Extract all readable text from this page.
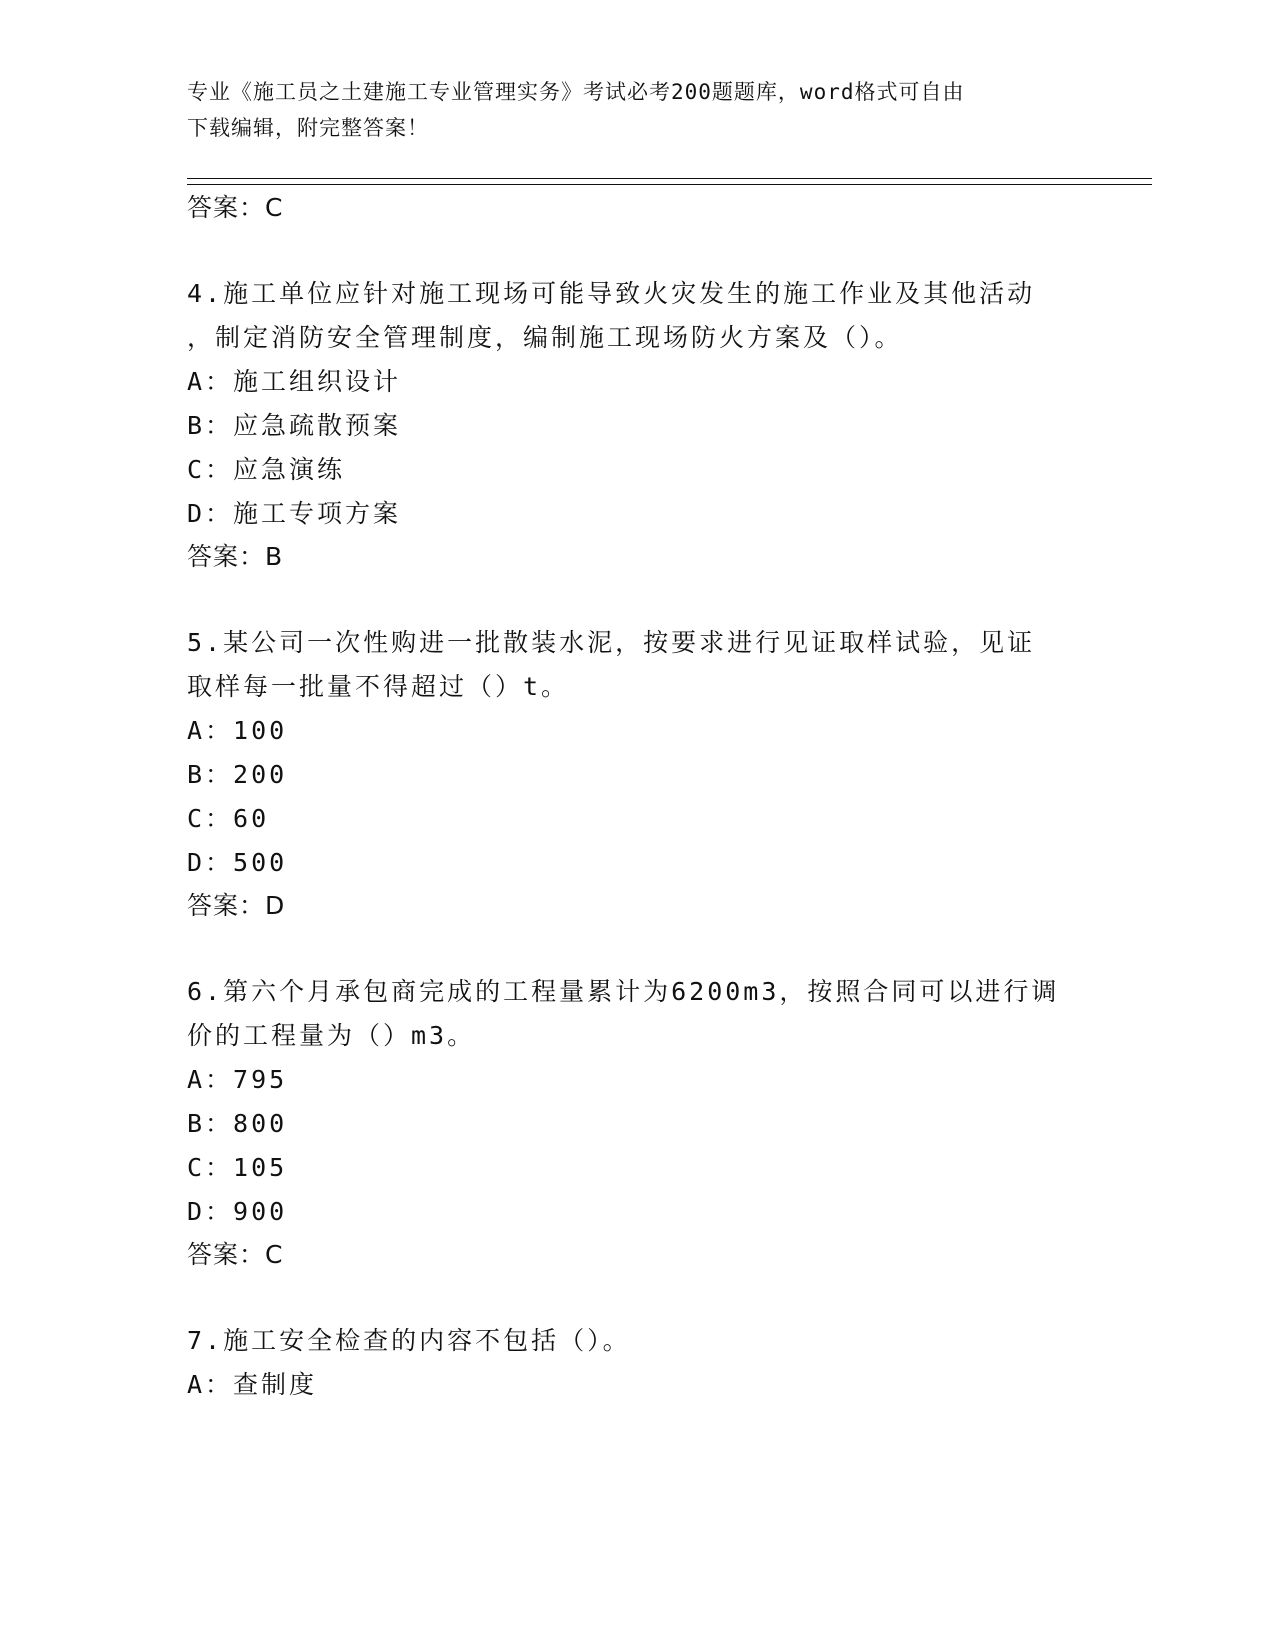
专业《施工员之土建施工专业管理实务》考试必考200题题库，word格式可自由
下载编辑，附完整答案！
答案：C
4.施工单位应针对施工现场可能导致火灾发生的施工作业及其他活动
，制定消防安全管理制度，编制施工现场防火方案及（）。
A：施工组织设计
B：应急疏散预案
C：应急演练
D：施工专项方案
答案：B
5.某公司一次性购进一批散装水泥，按要求进行见证取样试验，见证
取样每一批量不得超过（）t。
A：100
B：200
C：60
D：500
答案：D
6.第六个月承包商完成的工程量累计为6200m3，按照合同可以进行调
价的工程量为（）m3。
A：795
B：800
C：105
D：900
答案：C
7.施工安全检查的内容不包括（）。
A：查制度
